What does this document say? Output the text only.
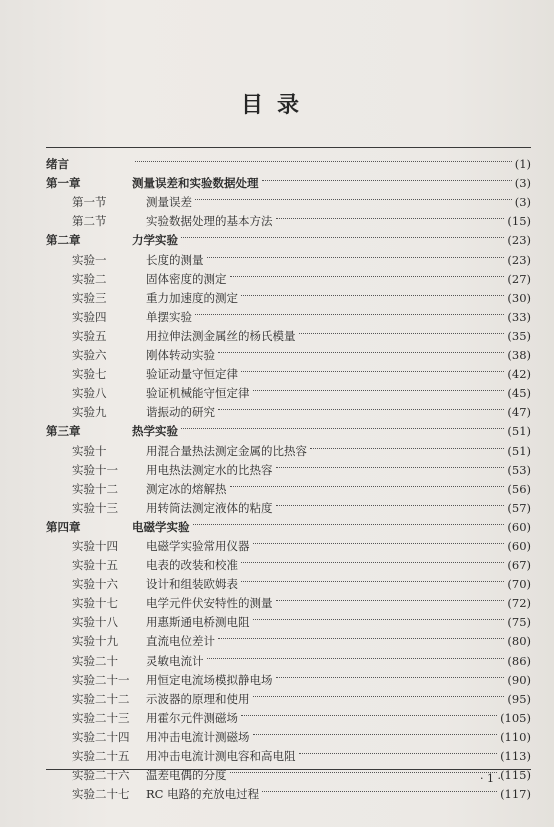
目录
绪言	(1)
第一章	测量误差和实验数据处理	(3)
第一节	测量误差	(3)
第二节	实验数据处理的基本方法	(15)
第二章	力学实验	(23)
实验一	长度的测量	(23)
实验二	固体密度的测定	(27)
实验三	重力加速度的测定	(30)
实验四	单摆实验	(33)
实验五	用拉伸法测金属丝的杨氏模量	(35)
实验六	刚体转动实验	(38)
实验七	验证动量守恒定律	(42)
实验八	验证机械能守恒定律	(45)
实验九	谐振动的研究	(47)
第三章	热学实验	(51)
实验十	用混合量热法测定金属的比热容	(51)
实验十一	用电热法测定水的比热容	(53)
实验十二	测定冰的熔解热	(56)
实验十三	用转筒法测定液体的粘度	(57)
第四章	电磁学实验	(60)
实验十四	电磁学实验常用仪器	(60)
实验十五	电表的改装和校准	(67)
实验十六	设计和组装欧姆表	(70)
实验十七	电学元件伏安特性的测量	(72)
实验十八	用惠斯通电桥测电阻	(75)
实验十九	直流电位差计	(80)
实验二十	灵敏电流计	(86)
实验二十一	用恒定电流场模拟静电场	(90)
实验二十二	示波器的原理和使用	(95)
实验二十三	用霍尔元件测磁场	(105)
实验二十四	用冲击电流计测磁场	(110)
实验二十五	用冲击电流计测电容和高电阻	(113)
实验二十六	温差电偶的分度	(115)
实验二十七	RC 电路的充放电过程	(117)
· 1 ·
